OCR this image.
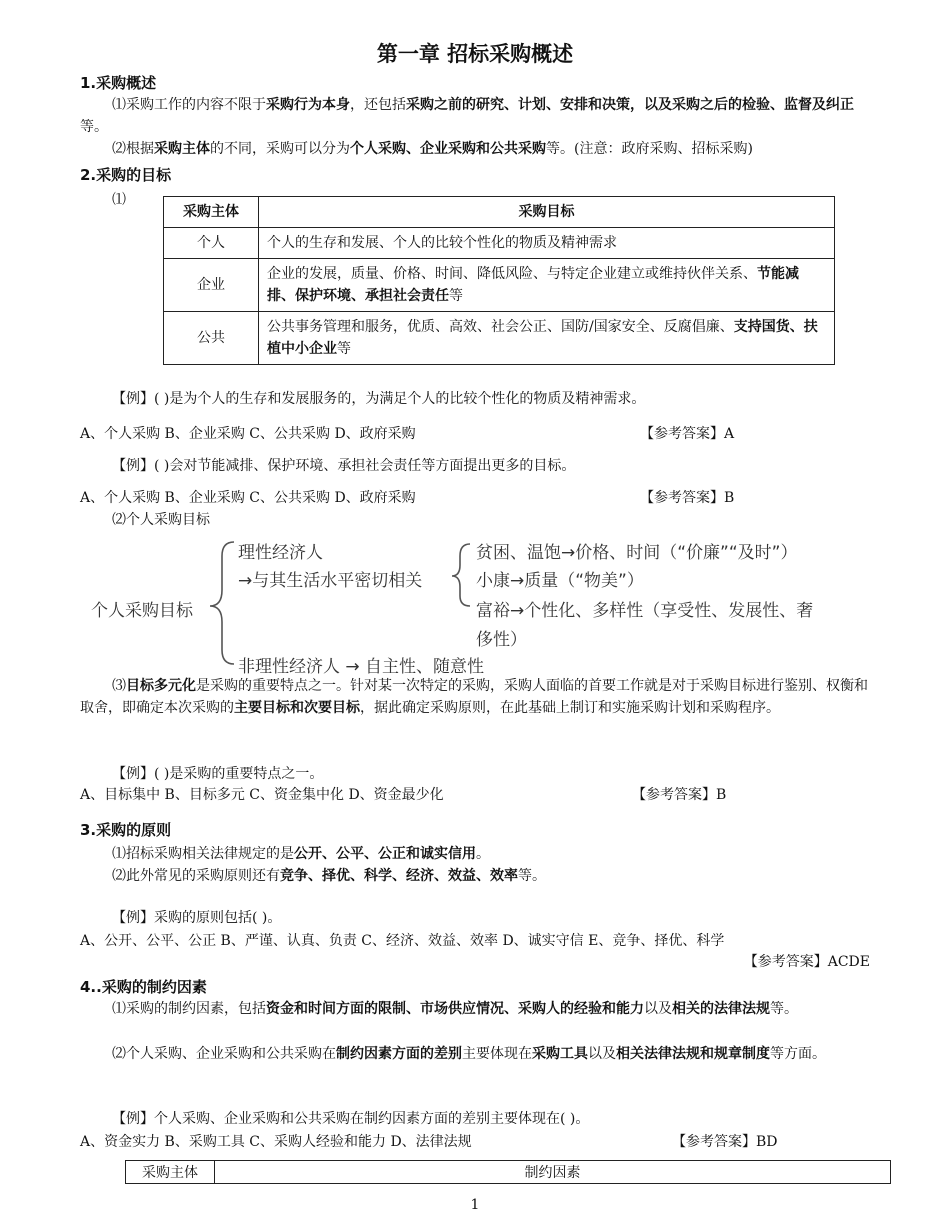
第一章 招标采购概述
1.采购概述
⑴采购工作的内容不限于采购行为本身，还包括采购之前的研究、计划、安排和决策，以及采购之后的检验、监督及纠正等。
⑵根据采购主体的不同，采购可以分为个人采购、企业采购和公共采购等。(注意：政府采购、招标采购)
2.采购的目标
⑴
采购主体	采购目标
个人	个人的生存和发展、个人的比较个性化的物质及精神需求
企业	企业的发展，质量、价格、时间、降低风险、与特定企业建立或维持伙伴关系、节能减排、保护环境、承担社会责任等
公共	公共事务管理和服务，优质、高效、社会公正、国防/国家安全、反腐倡廉、支持国货、扶植中小企业等
【例】( )是为个人的生存和发展服务的，为满足个人的比较个性化的物质及精神需求。
A、个人采购 B、企业采购 C、公共采购 D、政府采购	【参考答案】A
【例】( )会对节能减排、保护环境、承担社会责任等方面提出更多的目标。
A、个人采购 B、企业采购 C、公共采购 D、政府采购	【参考答案】B
⑵个人采购目标
个人采购目标
理性经济人
→与其生活水平密切相关
贫困、温饱→价格、时间（“价廉”“及时”）
小康→质量（“物美”）
富裕→个性化、多样性（享受性、发展性、奢
侈性）
非理性经济人 → 自主性、随意性
⑶目标多元化是采购的重要特点之一。针对某一次特定的采购，采购人面临的首要工作就是对于采购目标进行鉴别、权衡和取舍，即确定本次采购的主要目标和次要目标，据此确定采购原则，在此基础上制订和实施采购计划和采购程序。
【例】( )是采购的重要特点之一。
A、目标集中 B、目标多元 C、资金集中化 D、资金最少化	【参考答案】B
3.采购的原则
⑴招标采购相关法律规定的是公开、公平、公正和诚实信用。
⑵此外常见的采购原则还有竞争、择优、科学、经济、效益、效率等。
【例】采购的原则包括( )。
A、公开、公平、公正 B、严谨、认真、负责 C、经济、效益、效率 D、诚实守信 E、竞争、择优、科学
【参考答案】ACDE
4..采购的制约因素
⑴采购的制约因素，包括资金和时间方面的限制、市场供应情况、采购人的经验和能力以及相关的法律法规等。
⑵个人采购、企业采购和公共采购在制约因素方面的差别主要体现在采购工具以及相关法律法规和规章制度等方面。
【例】个人采购、企业采购和公共采购在制约因素方面的差别主要体现在( )。
A、资金实力 B、采购工具 C、采购人经验和能力 D、法律法规	【参考答案】BD
采购主体	制约因素
1
